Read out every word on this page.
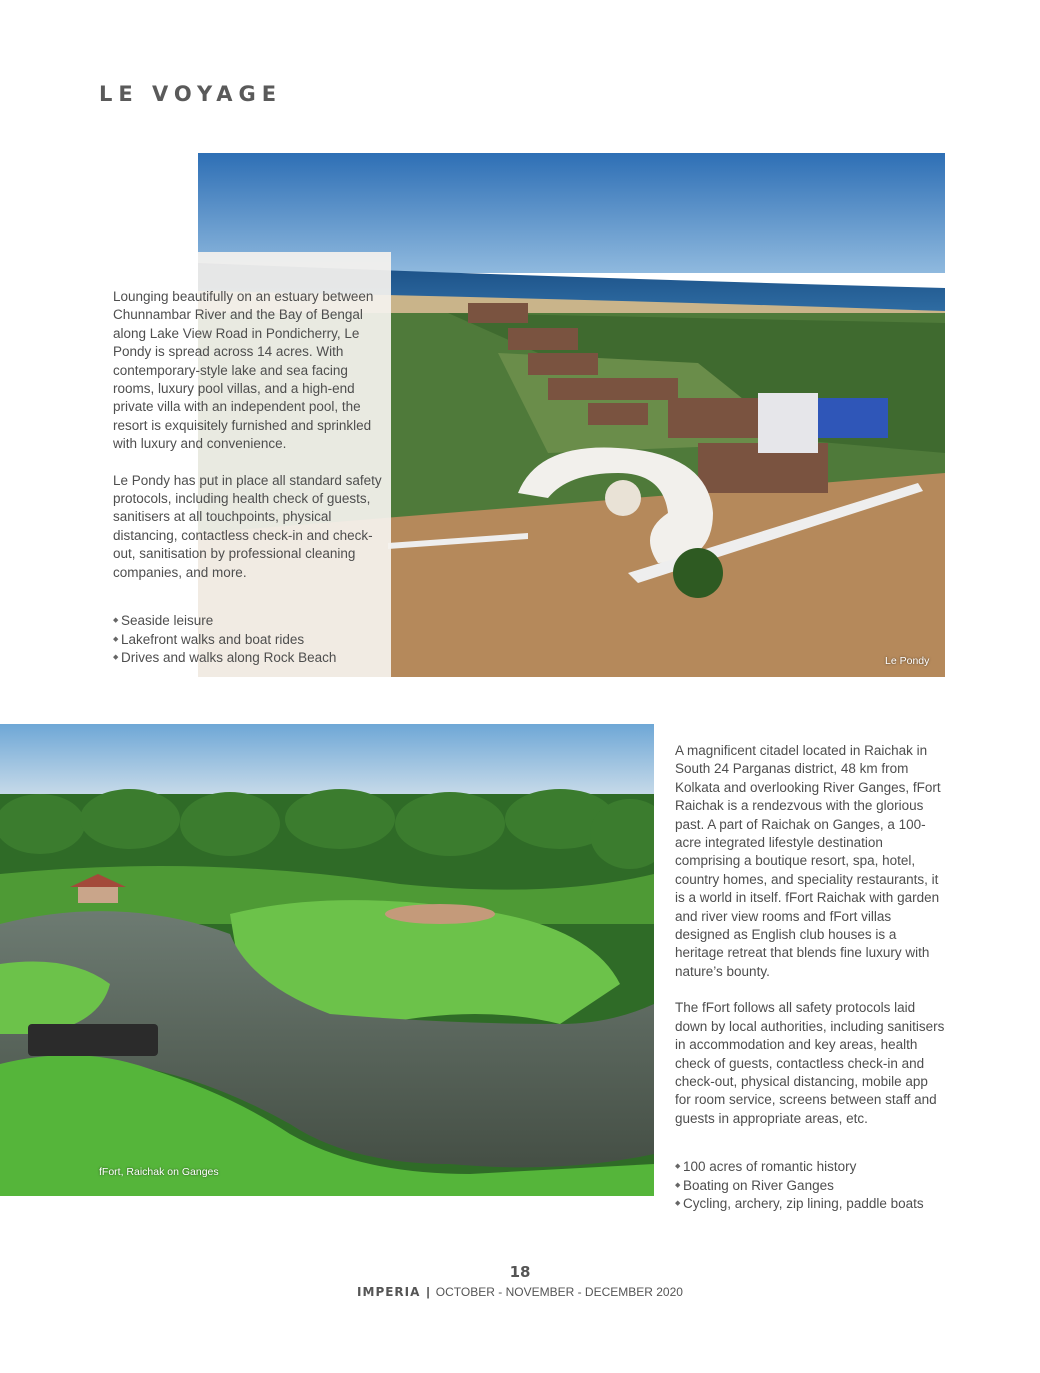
LE VOYAGE
Le Pondy

Lounging beautifully on an estuary between Chunnambar River and the Bay of Bengal along Lake View Road in Pondicherry, Le Pondy is spread across 14 acres. With contemporary-style lake and sea facing rooms, luxury pool villas, and a high-end private villa with an independent pool, the resort is exquisitely furnished and sprinkled with luxury and convenience.

Le Pondy has put in place all standard safety protocols, including health check of guests, sanitisers at all touchpoints, physical distancing, contactless check-in and check-out, sanitisation by professional cleaning companies, and more.

◆ Seaside leisure
◆ Lakefront walks and boat rides
◆ Drives and walks along Rock Beach
fFort, Raichak on Ganges

A magnificent citadel located in Raichak in South 24 Parganas district, 48 km from Kolkata and overlooking River Ganges, fFort Raichak is a rendezvous with the glorious past. A part of Raichak on Ganges, a 100-acre integrated lifestyle destination comprising a boutique resort, spa, hotel, country homes, and speciality restaurants, it is a world in itself. fFort Raichak with garden and river view rooms and fFort villas designed as English club houses is a heritage retreat that blends fine luxury with nature’s bounty.

The fFort follows all safety protocols laid down by local authorities, including sanitisers in accommodation and key areas, health check of guests, contactless check-in and check-out, physical distancing, mobile app for room service, screens between staff and guests in appropriate areas, etc.

◆ 100 acres of romantic history
◆ Boating on River Ganges
◆ Cycling, archery, zip lining, paddle boats
18
IMPERIA | OCTOBER - NOVEMBER - DECEMBER 2020
